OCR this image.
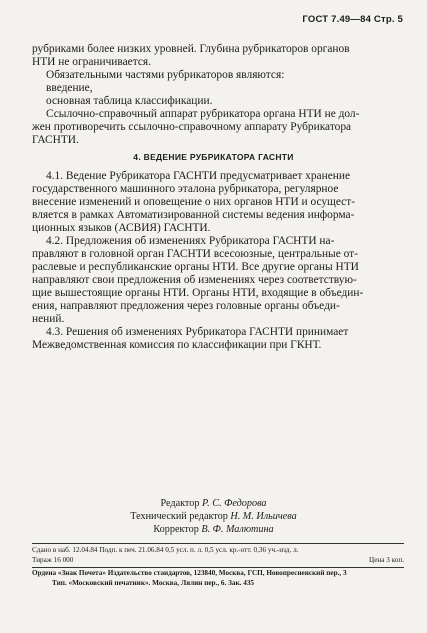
ГОСТ 7.49—84 Стр. 5

рубриками более низких уровней. Глубина рубрикаторов органов

НТИ не ограничивается.

Обязательными частями рубрикаторов являются:

введение,

основная таблица классификации.

Ссылочно-справочный аппарат рубрикатора органа НТИ не дол-

жен противоречить ссылочно-справочному аппарату Рубрикатора

ГАСНТИ.

4. ВЕДЕНИЕ РУБРИКАТОРА ГАСНТИ

4.1. Ведение Рубрикатора ГАСНТИ предусматривает хранение

государственного машинного эталона рубрикатора, регулярное

внесение изменений и оповещение о них органов НТИ и осущест-

вляется в рамках Автоматизированной системы ведения информа-

ционных языков (АСВИЯ) ГАСНТИ.

4.2. Предложения об изменениях Рубрикатора ГАСНТИ на-

правляют в головной орган ГАСНТИ всесоюзные, центральные от-

раслевые и республиканские органы НТИ. Все другие органы НТИ

направляют свои предложения об изменениях через соответствую-

щие вышестоящие органы НТИ. Органы НТИ, входящие в объедин-

ения, направляют предложения через головные органы объеди-

нений.

4.3. Решения об изменениях Рубрикатора ГАСНТИ принимает

Межведомственная комиссия по классификации при ГКНТ.

Редактор Р. С. Федорова
Технический редактор Н. М. Ильичева
Корректор В. Ф. Малютина
Сдано в наб. 12.04.84 Подп. к печ. 21.06.84 0,5 усл. п. л. 0,5 усл. кр.-отт. 0,36 уч.-изд. л.
Тираж 16 000	Цена 3 коп.
Ордена «Знак Почета» Издательство стандартов, 123840, Москва, ГСП, Новопресненский пер., 3
Тип. «Московский печатник». Москва, Лялин пер., 6. Зак. 435
